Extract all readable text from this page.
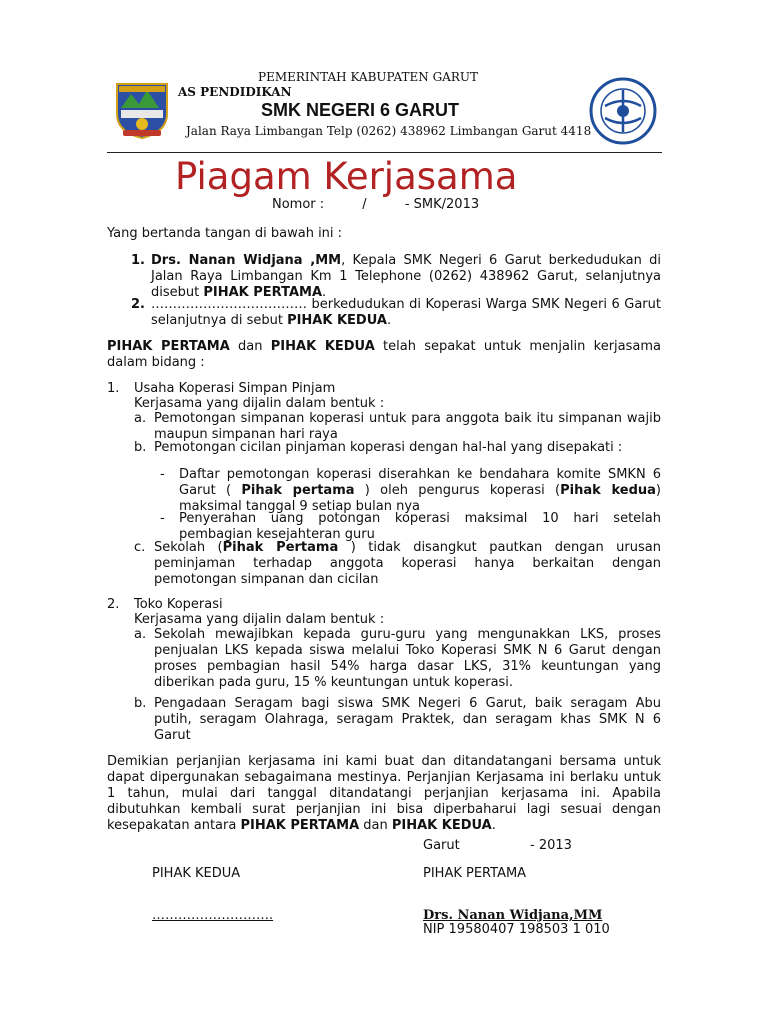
PEMERINTAH KABUPATEN GARUT
AS PENDIDIKAN
SMK NEGERI 6 GARUT
Jalan Raya Limbangan Telp (0262) 438962 Limbangan Garut 4418
Piagam Kerjasama
Nomor :	/	- SMK/2013
Yang bertanda tangan di bawah ini :
1. Drs. Nanan Widjana ,MM, Kepala SMK Negeri 6 Garut berkedudukan di Jalan Raya Limbangan Km 1 Telephone (0262) 438962 Garut, selanjutnya disebut PIHAK PERTAMA.
2. ……………………………… berkedudukan di Koperasi Warga SMK Negeri 6 Garut selanjutnya di sebut PIHAK KEDUA.
PIHAK PERTAMA dan PIHAK KEDUA telah sepakat untuk menjalin kerjasama dalam bidang :
1. Usaha Koperasi Simpan Pinjam
Kerjasama yang dijalin dalam bentuk :
a. Pemotongan simpanan koperasi untuk para anggota baik itu simpanan wajib maupun simpanan hari raya
b. Pemotongan cicilan pinjaman koperasi dengan hal-hal yang disepakati :
- Daftar pemotongan koperasi diserahkan ke bendahara komite SMKN 6 Garut ( Pihak pertama ) oleh pengurus koperasi (Pihak kedua) maksimal tanggal 9 setiap bulan nya
- Penyerahan uang potongan koperasi maksimal 10 hari setelah pembagian kesejahteran guru
c. Sekolah (Pihak Pertama ) tidak disangkut pautkan dengan urusan peminjaman terhadap anggota koperasi hanya berkaitan dengan pemotongan simpanan dan cicilan
2. Toko Koperasi
Kerjasama yang dijalin dalam bentuk :
a. Sekolah mewajibkan kepada guru-guru yang mengunakkan LKS, proses penjualan LKS kepada siswa melalui Toko Koperasi SMK N 6 Garut dengan proses pembagian hasil 54% harga dasar LKS, 31% keuntungan yang diberikan pada guru, 15 % keuntungan untuk koperasi.
b. Pengadaan Seragam bagi siswa SMK Negeri 6 Garut, baik seragam Abu putih, seragam Olahraga, seragam Praktek, dan seragam khas SMK N 6 Garut
Demikian perjanjian kerjasama ini kami buat dan ditandatangani bersama untuk dapat dipergunakan sebagaimana mestinya. Perjanjian Kerjasama ini berlaku untuk 1 tahun, mulai dari tanggal ditandatangi perjanjian kerjasama ini. Apabila dibutuhkan kembali surat perjanjian ini bisa diperbaharui lagi sesuai dengan kesepakatan antara PIHAK PERTAMA dan PIHAK KEDUA.
Garut	- 2013
PIHAK KEDUA	PIHAK PERTAMA
……………………….	Drs. Nanan Widjana,MM
NIP 19580407 198503 1 010
